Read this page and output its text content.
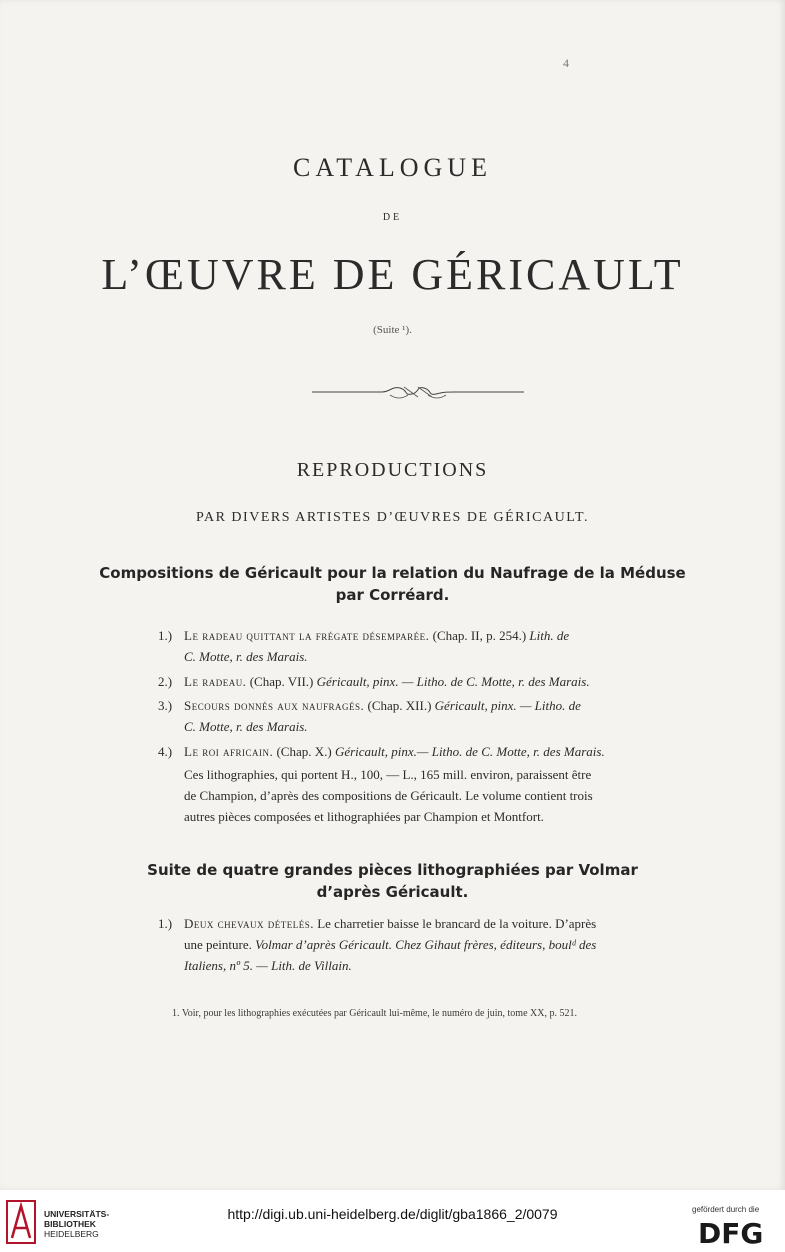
4
CATALOGUE
DE
L’ŒUVRE DE GÉRICAULT
(Suite ¹).
REPRODUCTIONS
PAR DIVERS ARTISTES D’ŒUVRES DE GÉRICAULT.
Compositions de Géricault pour la relation du Naufrage de la Méduse
par Corréard.
1.) Le radeau quittant la frégate désemparée. (Chap. II, p. 254.) Lith. de
C. Motte, r. des Marais.
2.) Le radeau. (Chap. VII.) Géricault, pinx. — Litho. de C. Motte, r. des Marais.
3.) Secours donnés aux naufragés. (Chap. XII.) Géricault, pinx. — Litho. de
C. Motte, r. des Marais.
4.) Le roi africain. (Chap. X.) Géricault, pinx.— Litho. de C. Motte, r. des Marais.
Ces lithographies, qui portent H., 100, — L., 165 mill. environ, paraissent être
de Champion, d’après des compositions de Géricault. Le volume contient trois
autres pièces composées et lithographiées par Champion et Montfort.
Suite de quatre grandes pièces lithographiées par Volmar
d’après Géricault.
1.) Deux chevaux dételés. Le charretier baisse le brancard de la voiture. D’après
une peinture. Volmar d’après Géricault. Chez Gihaut frères, éditeurs, boulᵈ des
Italiens, nº 5. — Lith. de Villain.
1. Voir, pour les lithographies exécutées par Géricault lui-même, le numéro de juin, tome XX, p. 521.
UNIVERSITÄTS-
BIBLIOTHEK
HEIDELBERG
http://digi.ub.uni-heidelberg.de/diglit/gba1866_2/0079	gefördert durch die
DFG
